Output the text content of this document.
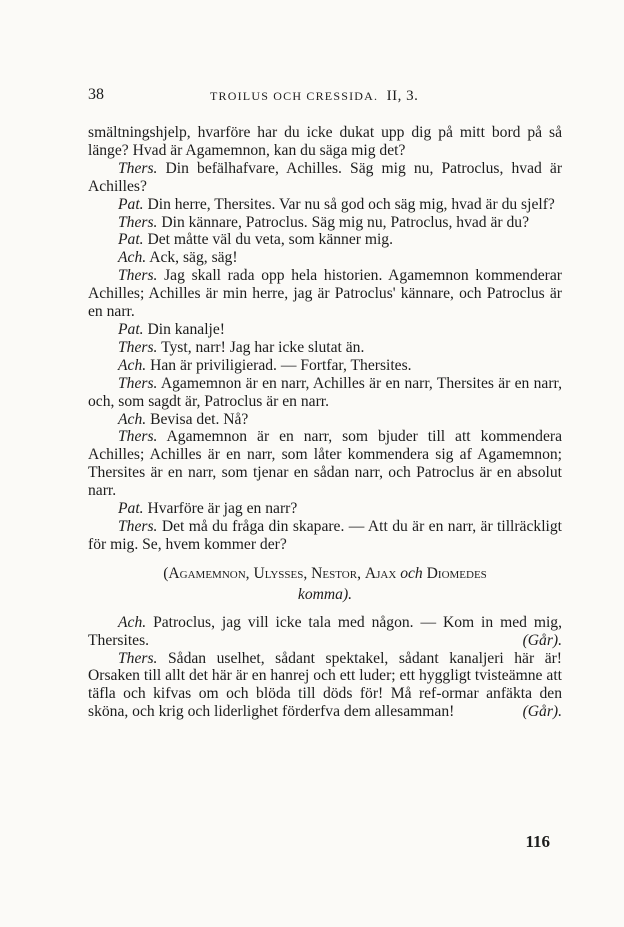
38	TROILUS OCH CRESSIDA. II, 3.

smältningshjelp, hvarföre har du icke dukat upp dig på mitt bord på så länge? Hvad är Agamemnon, kan du säga mig det?

Thers. Din befälhafvare, Achilles. Säg mig nu, Patroclus, hvad är Achilles?

Pat. Din herre, Thersites. Var nu så god och säg mig, hvad är du sjelf?

Thers. Din kännare, Patroclus. Säg mig nu, Patroclus, hvad är du?

Pat. Det måtte väl du veta, som känner mig.

Ach. Ack, säg, säg!

Thers. Jag skall rada opp hela historien. Agamemnon kommenderar Achilles; Achilles är min herre, jag är Patroclus' kännare, och Patroclus är en narr.

Pat. Din kanalje!

Thers. Tyst, narr! Jag har icke slutat än.

Ach. Han är priviligierad. — Fortfar, Thersites.

Thers. Agamemnon är en narr, Achilles är en narr, Thersites är en narr, och, som sagdt är, Patroclus är en narr.

Ach. Bevisa det. Nå?

Thers. Agamemnon är en narr, som bjuder till att kommendera Achilles; Achilles är en narr, som låter kommendera sig af Agamemnon; Thersites är en narr, som tjenar en sådan narr, och Patroclus är en absolut narr.

Pat. Hvarföre är jag en narr?

Thers. Det må du fråga din skapare. — Att du är en narr, är tillräckligt för mig. Se, hvem kommer der?

(Agamemnon, Ulysses, Nestor, Ajax och Diomedes
komma).

Ach. Patroclus, jag vill icke tala med någon. — Kom in med mig, Thersites.	(Går).

Thers. Sådan uselhet, sådant spektakel, sådant kanaljeri här är! Orsaken till allt det här är en hanrej och ett luder; ett hyggligt tvisteämne att täfla och kifvas om och blöda till döds för! Må ref-ormar anfäkta den sköna, och krig och liderlighet förderfva dem allesamman!	(Går).

116
